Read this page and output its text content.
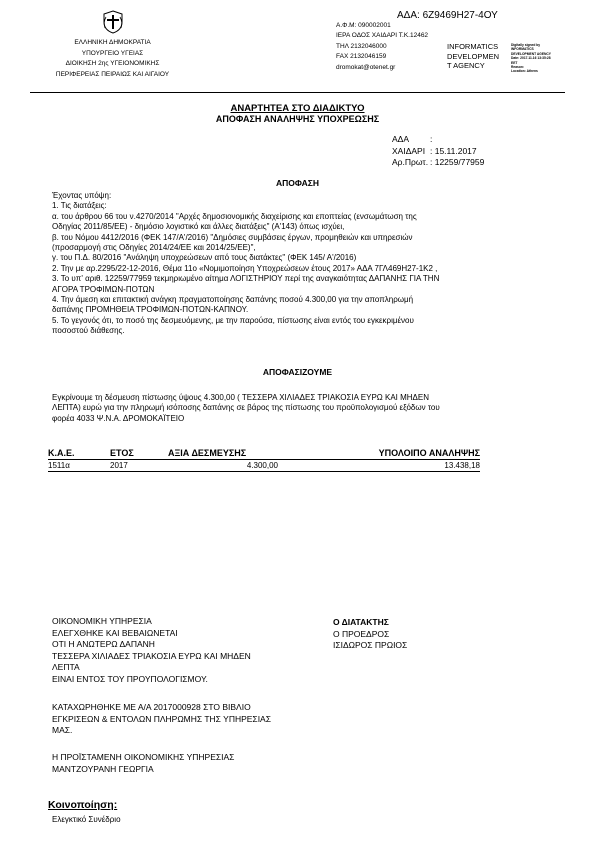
ΕΛΛΗΝΙΚΗ ΔΗΜΟΚΡΑΤΙΑ
ΥΠΟΥΡΓΕΙΟ ΥΓΕΙΑΣ
ΔΙΟΙΚΗΣΗ 2ης ΥΓΕΙΟΝΟΜΙΚΗΣ
ΠΕΡΙΦΕΡΕΙΑΣ ΠΕΙΡΑΙΩΣ ΚΑΙ ΑΙΓΑΙΟΥ
Ψ.Ν.Α ΔΡΟΜΟΚΑΪΤΕΙΟ
Α.Φ.Μ: 090002001
ΙΕΡΑ ΟΔΟΣ ΧΑΙΔΑΡΙ Τ.Κ.12462
ΤΗΛ 2132046000
FAX 2132046159
dromokat@otenet.gr
ΑΔΑ: 6Ζ9469Η27-4ΟΥ
INFORMATICS
DEVELOPMEN
T AGENCY
Digitally signed by
INFORMATICS
DEVELOPMENT AGENCY
Date: 2017.11.16 13:35:28
EET
Reason:
Location: Athens
ΑΝΑΡΤΗΤΕΑ ΣΤΟ ΔΙΑΔΙΚΤΥΟ
ΑΠΟΦΑΣΗ ΑΝΑΛΗΨΗΣ ΥΠΟΧΡΕΩΣΗΣ
ΑΔΑ :
ΧΑΙΔΑΡΙ : 15.11.2017
Αρ.Πρωτ. : 12259/77959
ΑΠΟΦΑΣΗ
Έχοντας υπόψη:
1. Τις διατάξεις:
α. του άρθρου 66 του ν.4270/2014 "Αρχές δημοσιονομικής διαχείρισης και εποπτείας (ενσωμάτωση της
Οδηγίας 2011/85/ΕΕ) - δημόσιο λογιστικό και άλλες διατάξεις" (Α'143) όπως ισχύει,
β. του Νόμου 4412/2016 (ΦΕΚ 147/Α'/2016) "Δημόσιες συμβάσεις έργων, προμηθειών και υπηρεσιών
(προσαρμογή στις Οδηγίες 2014/24/ΕΕ και 2014/25/ΕΕ)",
γ. του Π.Δ. 80/2016 "Ανάληψη υποχρεώσεων από τους διατάκτες" (ΦΕΚ 145/ Α'/2016)
2. Την με αρ.2295/22-12-2016, Θέμα 11ο «Νομιμοποίηση Υποχρεώσεων έτους 2017» ΑΔΑ 7ΓΛ469Η27-1Κ2 ,
3. Το υπ' αριθ. 12259/77959 τεκμηριωμένο αίτημα ΛΟΓΙΣΤΗΡΙΟΥ περί της αναγκαιότητας ΔΑΠΑΝΗΣ ΓΙΑ ΤΗΝ
ΑΓΟΡΑ ΤΡΟΦΙΜΩΝ-ΠΟΤΩΝ
4. Την άμεση και επιτακτική ανάγκη πραγματοποίησης δαπάνης ποσού 4.300,00 για την αποπληρωμή
δαπάνης ΠΡΟΜΗΘΕΙΑ ΤΡΟΦΙΜΩΝ-ΠΟΤΩΝ-ΚΑΠΝΟΥ.
5. Το γεγονός ότι, το ποσό της δεσμευόμενης, με την παρούσα, πίστωσης είναι εντός του εγκεκριμένου
ποσοστού διάθεσης.
ΑΠΟΦΑΣΙΖΟΥΜΕ
Εγκρίνουμε τη δέσμευση πίστωσης ύψους 4.300,00 ( ΤΕΣΣΕΡΑ ΧΙΛΙΑΔΕΣ ΤΡΙΑΚΟΣΙΑ ΕΥΡΩ ΚΑΙ ΜΗΔΕΝ
ΛΕΠΤΑ) ευρώ για την πληρωμή ισόποσης δαπάνης σε βάρος της πίστωσης του προϋπολογισμού εξόδων του
φορέα 4033 Ψ.Ν.Α. ΔΡΟΜΟΚΑΪΤΕΙΟ
Κ.Α.Ε.	ΕΤΟΣ	ΑΞΙΑ ΔΕΣΜΕΥΣΗΣ	ΥΠΟΛΟΙΠΟ ΑΝΑΛΗΨΗΣ
1511α	2017	4.300,00	13.438,18
ΟΙΚΟΝΟΜΙΚΗ ΥΠΗΡΕΣΙΑ
ΕΛΕΓΧΘΗΚΕ ΚΑΙ ΒΕΒΑΙΩΝΕΤΑΙ
ΟΤΙ Η ΑΝΩΤΕΡΩ ΔΑΠΑΝΗ
ΤΕΣΣΕΡΑ ΧΙΛΙΑΔΕΣ ΤΡΙΑΚΟΣΙΑ ΕΥΡΩ ΚΑΙ ΜΗΔΕΝ
ΛΕΠΤΑ
ΕΙΝΑΙ ΕΝΤΟΣ ΤΟΥ ΠΡΟΥΠΟΛΟΓΙΣΜΟΥ.
Ο ΔΙΑΤΑΚΤΗΣ
Ο ΠΡΟΕΔΡΟΣ
ΙΣΙΔΩΡΟΣ ΠΡΩΙΟΣ
ΚΑΤΑΧΩΡΗΘΗΚΕ ΜΕ Α/Α 2017000928 ΣΤΟ ΒΙΒΛΙΟ
ΕΓΚΡΙΣΕΩΝ & ΕΝΤΟΛΩΝ ΠΛΗΡΩΜΗΣ ΤΗΣ ΥΠΗΡΕΣΙΑΣ
ΜΑΣ.
Η ΠΡΟΪΣΤΑΜΕΝΗ ΟΙΚΟΝΟΜΙΚΗΣ ΥΠΗΡΕΣΙΑΣ
ΜΑΝΤΖΟΥΡΑΝΗ ΓΕΩΡΓΙΑ
Κοινοποίηση:
Ελεγκτικό Συνέδριο
